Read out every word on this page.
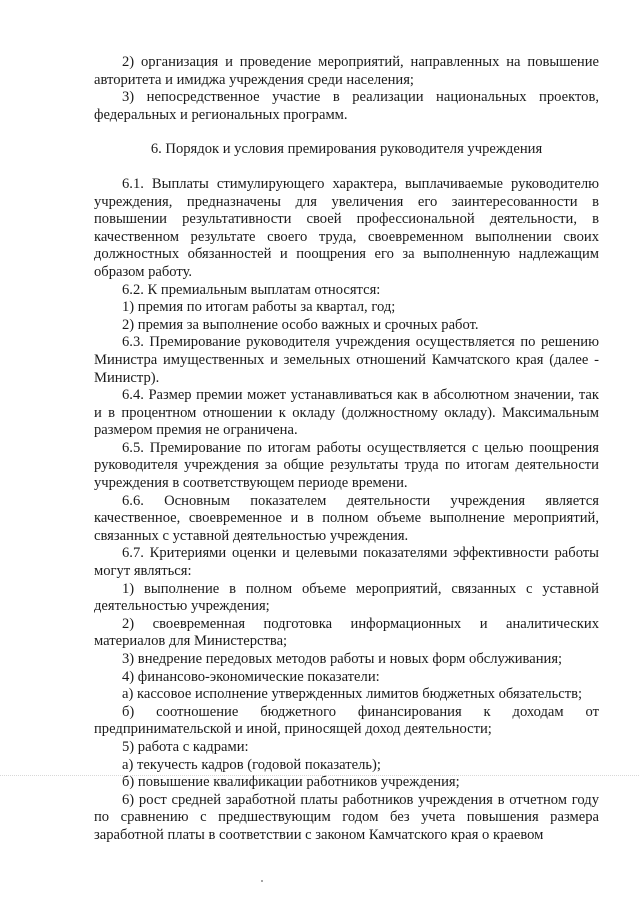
2) организация и проведение мероприятий, направленных на повышение авторитета и имиджа учреждения среди населения;

3) непосредственное участие в реализации национальных проектов, федеральных и региональных программ.

6. Порядок и условия премирования руководителя учреждения

6.1. Выплаты стимулирующего характера, выплачиваемые руководителю учреждения, предназначены для увеличения его заинтересованности в повышении результативности своей профессиональной деятельности, в качественном результате своего труда, своевременном выполнении своих должностных обязанностей и поощрения его за выполненную надлежащим образом работу.

6.2. К премиальным выплатам относятся:

1) премия по итогам работы за квартал, год;

2) премия за выполнение особо важных и срочных работ.

6.3. Премирование руководителя учреждения осуществляется по решению Министра имущественных и земельных отношений Камчатского края (далее - Министр).

6.4. Размер премии может устанавливаться как в абсолютном значении, так и в процентном отношении к окладу (должностному окладу). Максимальным размером премия не ограничена.

6.5. Премирование по итогам работы осуществляется с целью поощрения руководителя учреждения за общие результаты труда по итогам деятельности учреждения в соответствующем периоде времени.

6.6. Основным показателем деятельности учреждения является качественное, своевременное и в полном объеме выполнение мероприятий, связанных с уставной деятельностью учреждения.

6.7. Критериями оценки и целевыми показателями эффективности работы могут являться:

1) выполнение в полном объеме мероприятий, связанных с уставной деятельностью учреждения;

2) своевременная подготовка информационных и аналитических материалов для Министерства;

3) внедрение передовых методов работы и новых форм обслуживания;

4) финансово-экономические показатели:

а) кассовое исполнение утвержденных лимитов бюджетных обязательств;

б) соотношение бюджетного финансирования к доходам от предпринимательской и иной, приносящей доход деятельности;

5) работа с кадрами:

а) текучесть кадров (годовой показатель);

б) повышение квалификации работников учреждения;

6) рост средней заработной платы работников учреждения в отчетном году по сравнению с предшествующим годом без учета повышения размера заработной платы в соответствии с законом Камчатского края о краевом
